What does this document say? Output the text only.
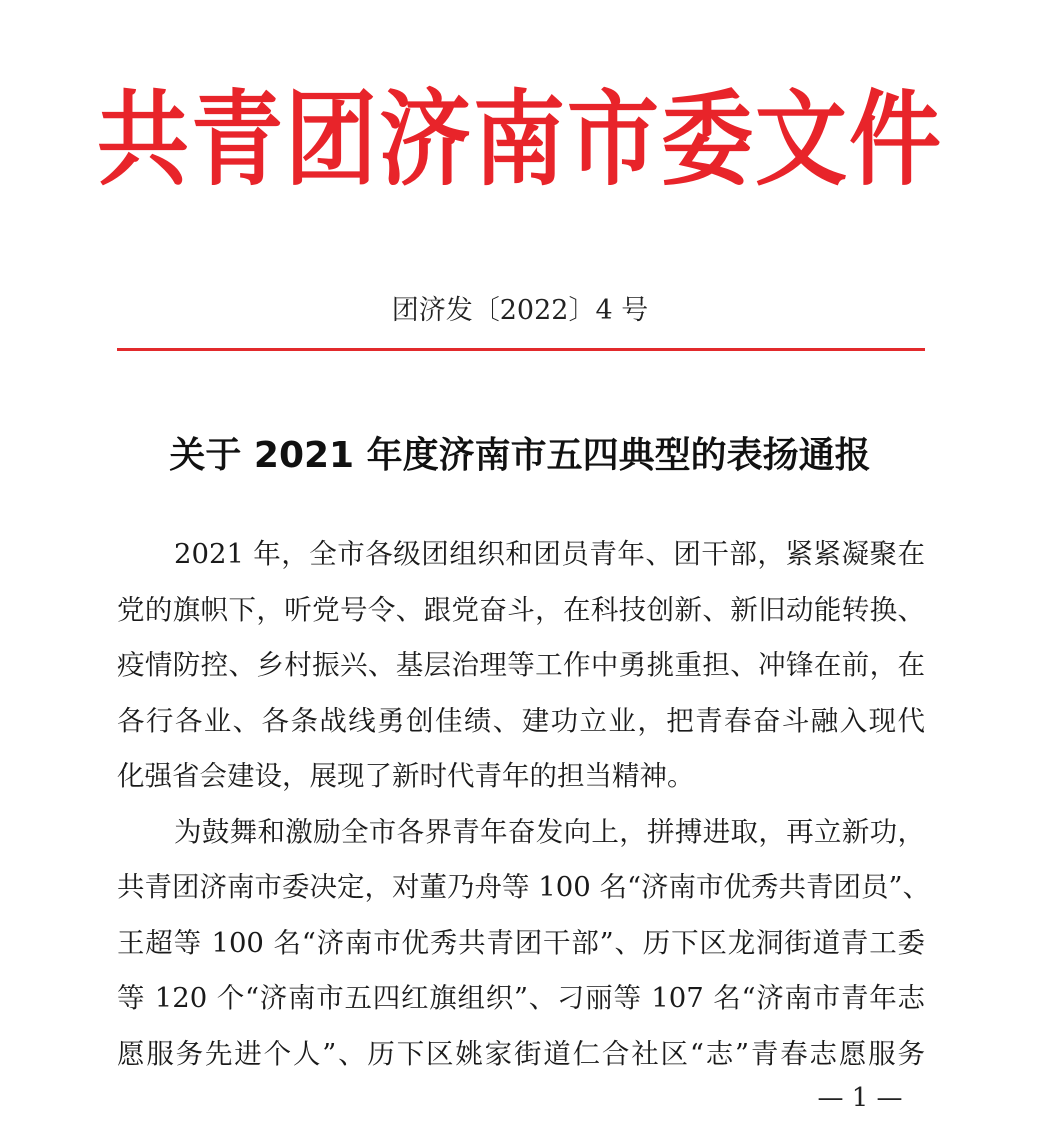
共青团济南市委文件
团济发〔2022〕4 号
关于 2021 年度济南市五四典型的表扬通报
2021 年，全市各级团组织和团员青年、团干部，紧紧凝聚在
党的旗帜下，听党号令、跟党奋斗，在科技创新、新旧动能转换、
疫情防控、乡村振兴、基层治理等工作中勇挑重担、冲锋在前，在
各行各业、各条战线勇创佳绩、建功立业，把青春奋斗融入现代
化强省会建设，展现了新时代青年的担当精神。
为鼓舞和激励全市各界青年奋发向上，拼搏进取，再立新功，
共青团济南市委决定，对董乃舟等 100 名“济南市优秀共青团员”、
王超等 100 名“济南市优秀共青团干部”、历下区龙洞街道青工委
等 120 个“济南市五四红旗组织”、刁丽等 107 名“济南市青年志
愿服务先进个人”、历下区姚家街道仁合社区“志”青春志愿服务
— 1 —
